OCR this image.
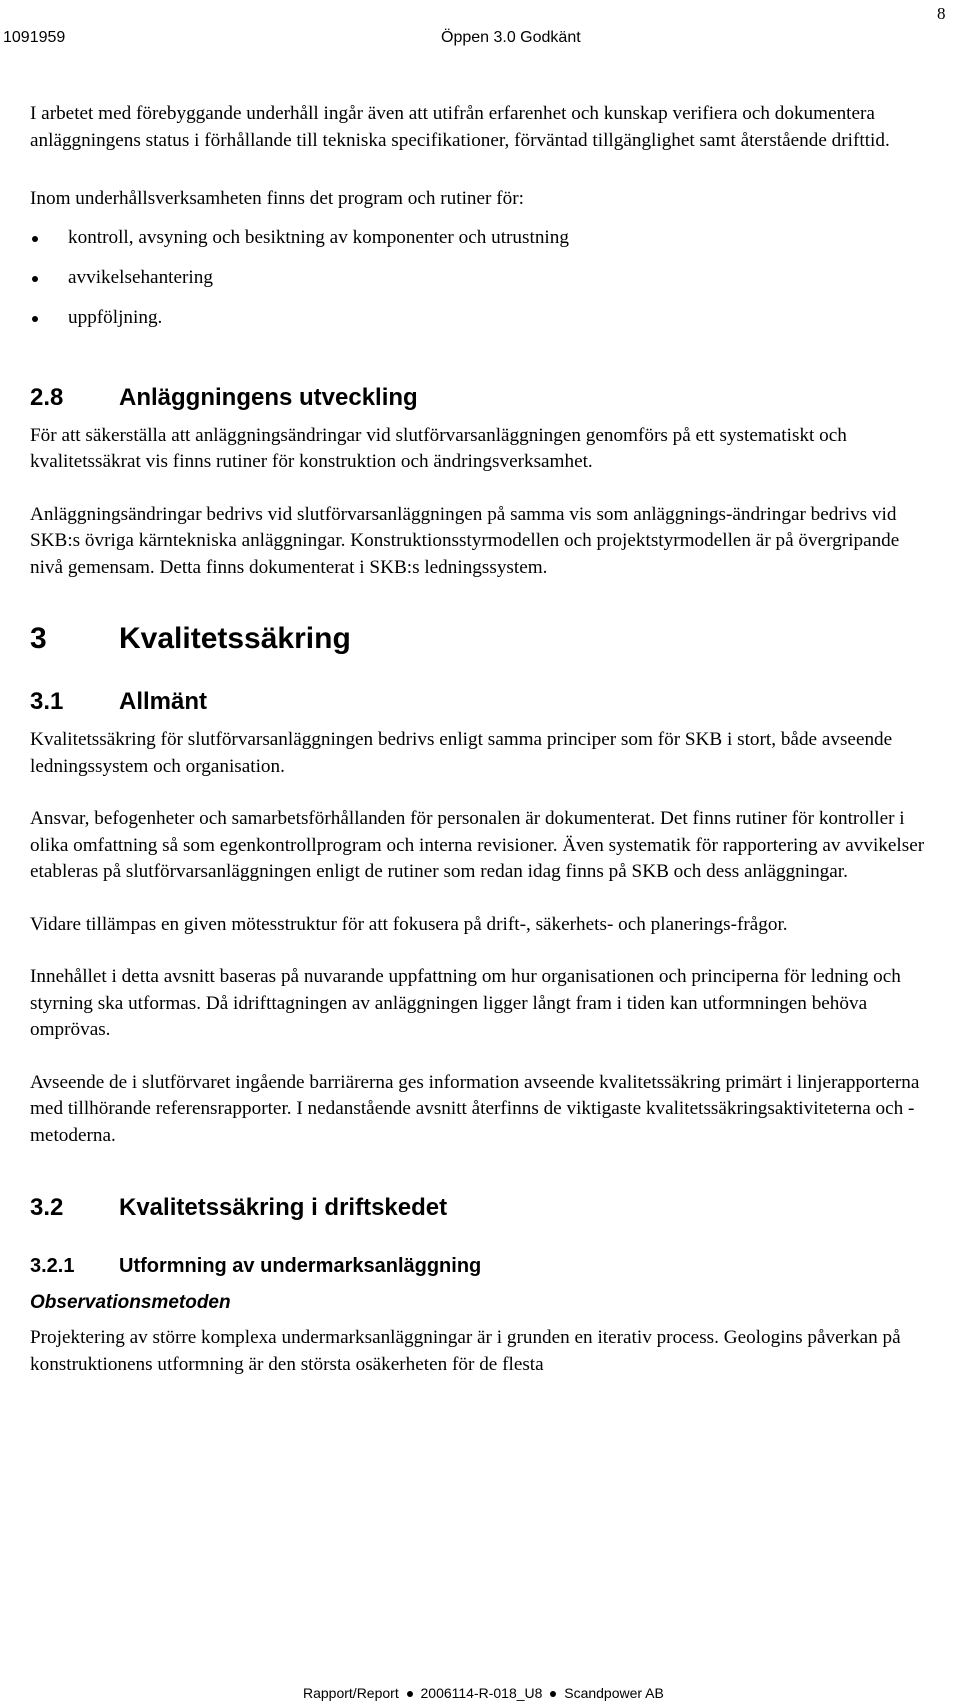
1091959	Öppen 3.0 Godkänt
8

I arbetet med förebyggande underhåll ingår även att utifrån erfarenhet och kunskap verifiera och dokumentera anläggningens status i förhållande till tekniska specifikationer, förväntad tillgänglighet samt återstående drifttid.

Inom underhållsverksamheten finns det program och rutiner för:

kontroll, avsyning och besiktning av komponenter och utrustning
avvikelsehantering
uppföljning.
2.8 Anläggningens utveckling

För att säkerställa att anläggningsändringar vid slutförvarsanläggningen genomförs på ett systematiskt och kvalitetssäkrat vis finns rutiner för konstruktion och ändringsverksamhet.

Anläggningsändringar bedrivs vid slutförvarsanläggningen på samma vis som anläggnings-ändringar bedrivs vid SKB:s övriga kärntekniska anläggningar. Konstruktionsstyrmodellen och projektstyrmodellen är på övergripande nivå gemensam. Detta finns dokumenterat i SKB:s ledningssystem.

3 Kvalitetssäkring
3.1 Allmänt

Kvalitetssäkring för slutförvarsanläggningen bedrivs enligt samma principer som för SKB i stort, både avseende ledningssystem och organisation.

Ansvar, befogenheter och samarbetsförhållanden för personalen är dokumenterat. Det finns rutiner för kontroller i olika omfattning så som egenkontrollprogram och interna revisioner. Även systematik för rapportering av avvikelser etableras på slutförvarsanläggningen enligt de rutiner som redan idag finns på SKB och dess anläggningar.

Vidare tillämpas en given mötesstruktur för att fokusera på drift-, säkerhets- och planerings-frågor.

Innehållet i detta avsnitt baseras på nuvarande uppfattning om hur organisationen och principerna för ledning och styrning ska utformas. Då idrifttagningen av anläggningen ligger långt fram i tiden kan utformningen behöva omprövas.

Avseende de i slutförvaret ingående barriärerna ges information avseende kvalitetssäkring primärt i linjerapporterna med tillhörande referensrapporter. I nedanstående avsnitt återfinns de viktigaste kvalitetssäkringsaktiviteterna och -metoderna.

3.2 Kvalitetssäkring i driftskedet
3.2.1 Utformning av undermarksanläggning
Observationsmetoden

Projektering av större komplexa undermarksanläggningar är i grunden en iterativ process. Geologins påverkan på konstruktionens utformning är den största osäkerheten för de flesta

Rapport/Report 2006114-R-018_U8 Scandpower AB
